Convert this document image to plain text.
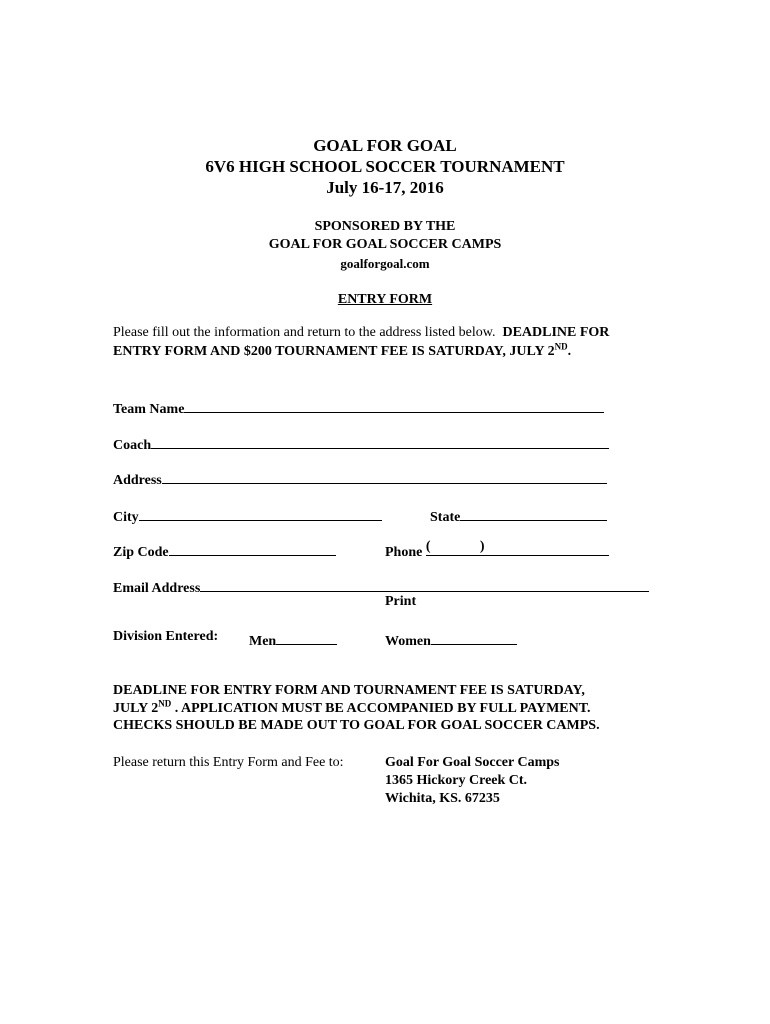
GOAL FOR GOAL
6V6 HIGH SCHOOL SOCCER TOURNAMENT
July 16-17, 2016
SPONSORED BY THE
GOAL FOR GOAL SOCCER CAMPS
goalforgoal.com
ENTRY FORM
Please fill out the information and return to the address listed below. DEADLINE FOR
ENTRY FORM AND $200 TOURNAMENT FEE IS SATURDAY, JULY 2ND.
Team Name
Coach
Address
City	State
Zip Code	Phone (	)
Email Address
Print
Division Entered: Men	Women
DEADLINE FOR ENTRY FORM AND TOURNAMENT FEE IS SATURDAY,
JULY 2ND . APPLICATION MUST BE ACCOMPANIED BY FULL PAYMENT.
CHECKS SHOULD BE MADE OUT TO GOAL FOR GOAL SOCCER CAMPS.
Please return this Entry Form and Fee to:	Goal For Goal Soccer Camps
1365 Hickory Creek Ct.
Wichita, KS. 67235
